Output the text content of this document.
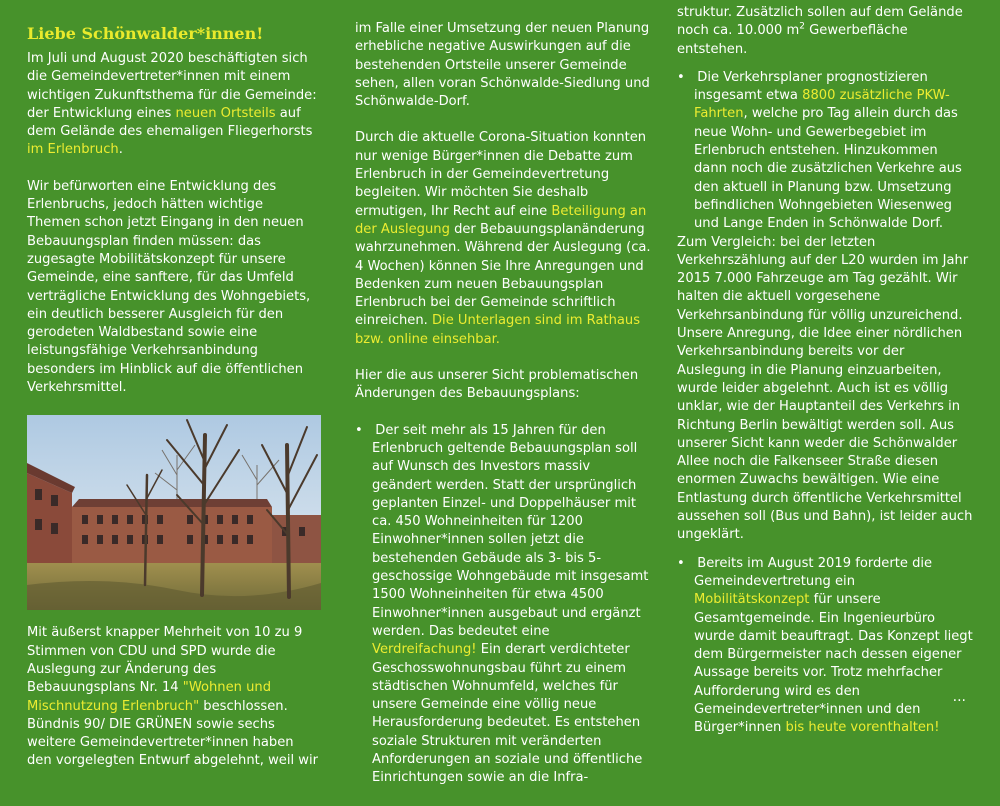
Liebe Schönwalder*innen!

Im Juli und August 2020 beschäftigten sich die Gemeindevertreter*innen mit einem wichtigen Zukunftsthema für die Gemeinde: der Entwicklung eines neuen Ortsteils auf dem Gelände des ehemaligen Fliegerhorsts im Erlenbruch.

Wir befürworten eine Entwicklung des Erlenbruchs, jedoch hätten wichtige Themen schon jetzt Eingang in den neuen Bebauungsplan finden müssen: das zugesagte Mobilitätskonzept für unsere Gemeinde, eine sanftere, für das Umfeld verträgliche Entwicklung des Wohngebiets, ein deutlich besserer Ausgleich für den gerodeten Waldbestand sowie eine leistungsfähige Verkehrsanbindung besonders im Hinblick auf die öffentlichen Verkehrsmittel.

Mit äußerst knapper Mehrheit von 10 zu 9 Stimmen von CDU und SPD wurde die Auslegung zur Änderung des Bebauungsplans Nr. 14 "Wohnen und Mischnutzung Erlenbruch" beschlossen. Bündnis 90/ DIE GRÜNEN sowie sechs weitere Gemeindevertreter*innen haben den vorgelegten Entwurf abgelehnt, weil wir

im Falle einer Umsetzung der neuen Planung erhebliche negative Auswirkungen auf die bestehenden Ortsteile unserer Gemeinde sehen, allen voran Schönwalde-Siedlung und Schönwalde-Dorf.

Durch die aktuelle Corona-Situation konnten nur wenige Bürger*innen die Debatte zum Erlenbruch in der Gemeindevertretung begleiten. Wir möchten Sie deshalb ermutigen, Ihr Recht auf eine Beteiligung an der Auslegung der Bebauungsplanänderung wahrzunehmen. Während der Auslegung (ca. 4 Wochen) können Sie Ihre Anregungen und Bedenken zum neuen Bebauungsplan Erlenbruch bei der Gemeinde schriftlich einreichen. Die Unterlagen sind im Rathaus bzw. online einsehbar.

Hier die aus unserer Sicht problematischen Änderungen des Bebauungsplans:

• Der seit mehr als 15 Jahren für den Erlenbruch geltende Bebauungsplan soll auf Wunsch des Investors massiv geändert werden. Statt der ursprünglich geplanten Einzel- und Doppelhäuser mit ca. 450 Wohneinheiten für 1200 Einwohner*innen sollen jetzt die bestehenden Gebäude als 3- bis 5-geschossige Wohngebäude mit insgesamt 1500 Wohneinheiten für etwa 4500 Einwohner*innen ausgebaut und ergänzt werden. Das bedeutet eine Verdreifachung! Ein derart verdichteter Geschosswohnungsbau führt zu einem städtischen Wohnumfeld, welches für unsere Gemeinde eine völlig neue Herausforderung bedeutet. Es entstehen soziale Strukturen mit veränderten Anforderungen an soziale und öffentliche Einrichtungen sowie an die Infra-

struktur. Zusätzlich sollen auf dem Gelände noch ca. 10.000 $m^2$ Gewerbefläche entstehen.

• Die Verkehrsplaner prognostizieren insgesamt etwa 8800 zusätzliche PKW-Fahrten, welche pro Tag allein durch das neue Wohn- und Gewerbegebiet im Erlenbruch entstehen. Hinzukommen dann noch die zusätzlichen Verkehre aus den aktuell in Planung bzw. Umsetzung befindlichen Wohngebieten Wiesenweg und Lange Enden in Schönwalde Dorf.

Zum Vergleich: bei der letzten Verkehrszählung auf der L20 wurden im Jahr 2015 7.000 Fahrzeuge am Tag gezählt. Wir halten die aktuell vorgesehene Verkehrsanbindung für völlig unzureichend. Unsere Anregung, die Idee einer nördlichen Verkehrsanbindung bereits vor der Auslegung in die Planung einzuarbeiten, wurde leider abgelehnt. Auch ist es völlig unklar, wie der Hauptanteil des Verkehrs in Richtung Berlin bewältigt werden soll. Aus unserer Sicht kann weder die Schönwalder Allee noch die Falkenseer Straße diesen enormen Zuwachs bewältigen. Wie eine Entlastung durch öffentliche Verkehrsmittel aussehen soll (Bus und Bahn), ist leider auch ungeklärt.

• Bereits im August 2019 forderte die Gemeindevertretung ein Mobilitätskonzept für unsere Gesamtgemeinde. Ein Ingenieurbüro wurde damit beauftragt. Das Konzept liegt dem Bürgermeister nach dessen eigener Aussage bereits vor. Trotz mehrfacher Aufforderung wird es den Gemeindevertreter*innen und den Bürger*innen bis heute vorenthalten!

...
